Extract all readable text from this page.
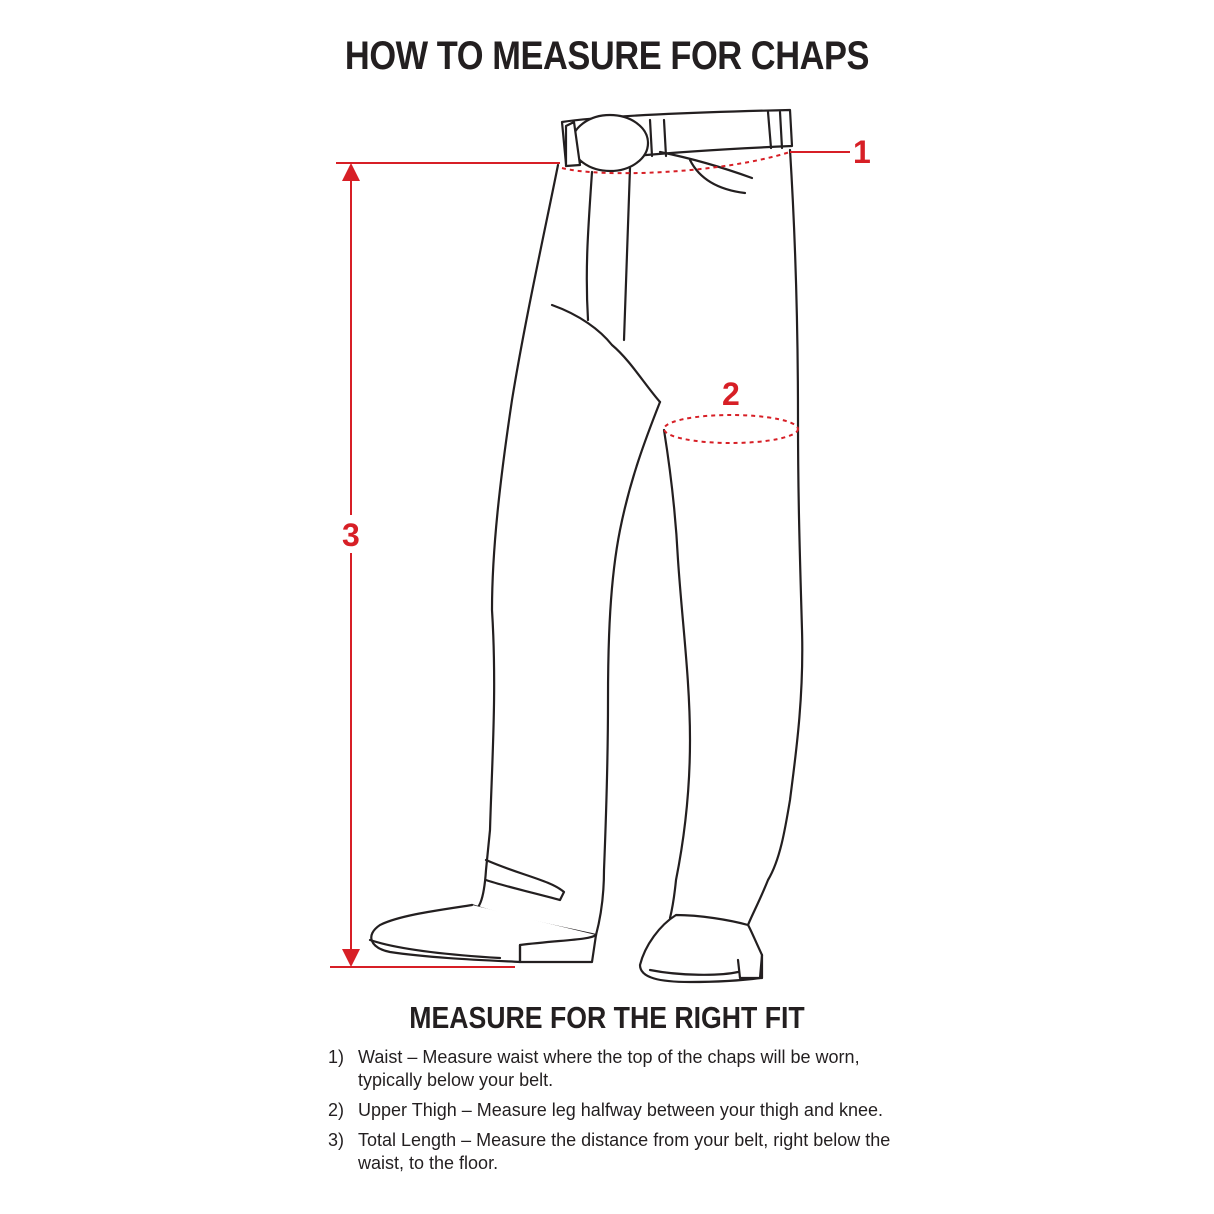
HOW TO MEASURE FOR CHAPS
1
2
3
MEASURE FOR THE RIGHT FIT
1) Waist – Measure waist where the top of the chaps will be worn, typically below your belt.
2) Upper Thigh – Measure leg halfway between your thigh and knee.
3) Total Length – Measure the distance from your belt, right below the waist, to the floor.
